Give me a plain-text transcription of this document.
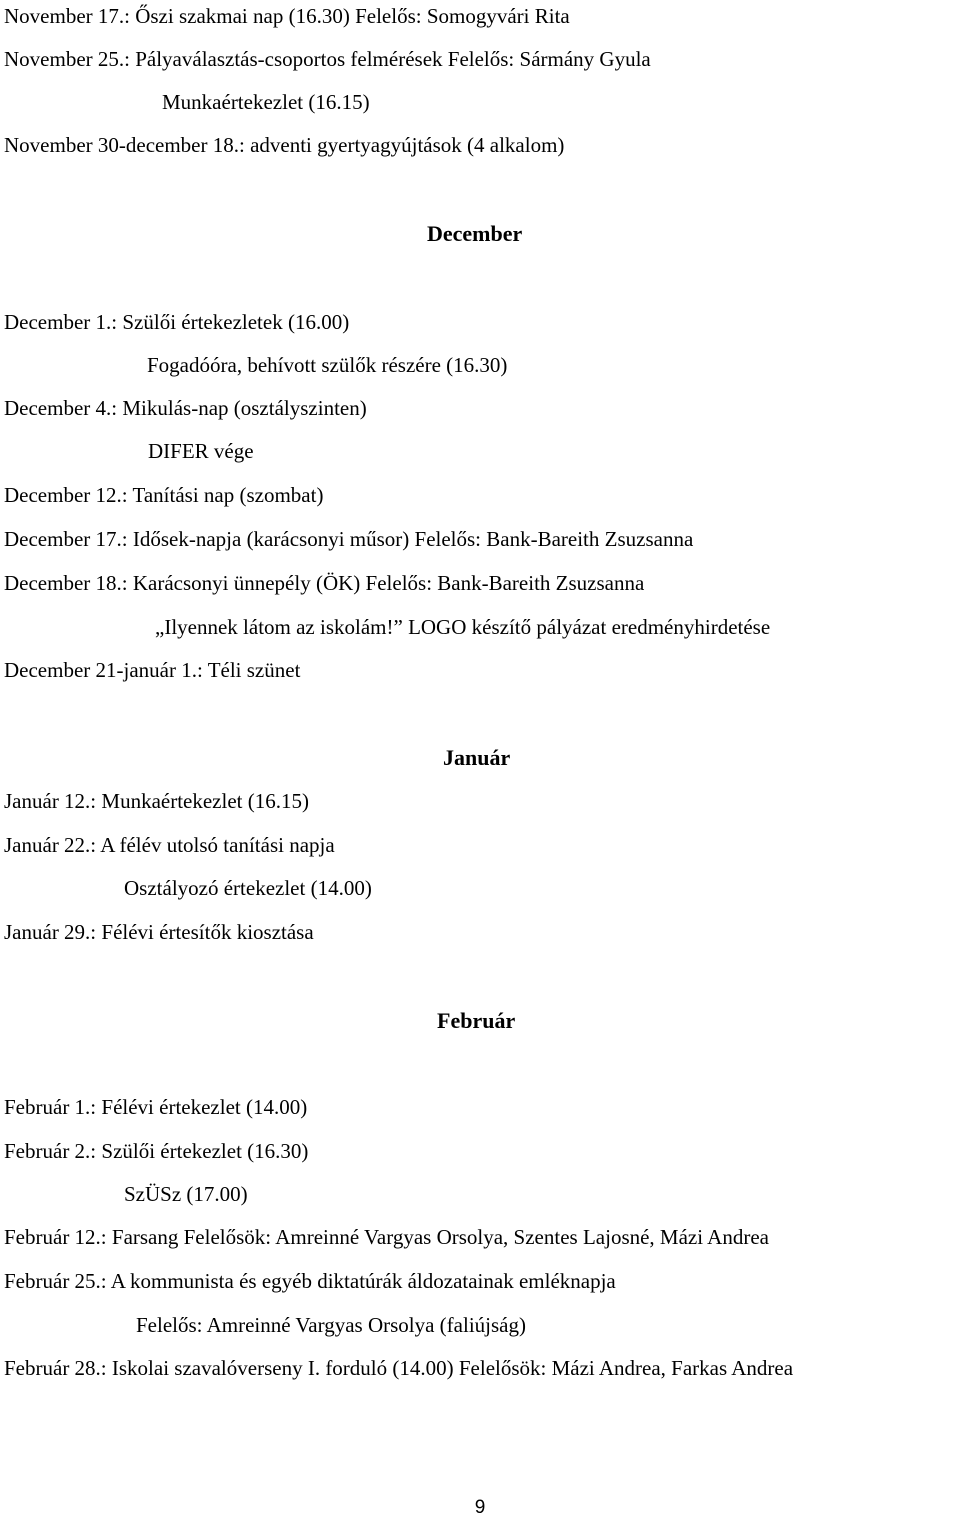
November 17.: Őszi szakmai nap (16.30) Felelős: Somogyvári Rita
November 25.: Pályaválasztás-csoportos felmérések Felelős: Sármány Gyula
Munkaértekezlet (16.15)
November 30-december 18.: adventi gyertyagyújtások (4 alkalom)
December
December 1.: Szülői értekezletek (16.00)
Fogadóóra, behívott szülők részére (16.30)
December 4.: Mikulás-nap (osztályszinten)
DIFER vége
December 12.: Tanítási nap (szombat)
December 17.: Idősek-napja (karácsonyi műsor) Felelős: Bank-Bareith Zsuzsanna
December 18.: Karácsonyi ünnepély (ÖK) Felelős: Bank-Bareith Zsuzsanna
„Ilyennek látom az iskolám!” LOGO készítő pályázat eredményhirdetése
December 21-január 1.: Téli szünet
Január
Január 12.: Munkaértekezlet (16.15)
Január 22.: A félév utolsó tanítási napja
Osztályozó értekezlet (14.00)
Január 29.: Félévi értesítők kiosztása
Február
Február 1.: Félévi értekezlet (14.00)
Február 2.: Szülői értekezlet (16.30)
SzÜSz (17.00)
Február 12.: Farsang Felelősök: Amreinné Vargyas Orsolya, Szentes Lajosné, Mázi Andrea
Február 25.: A kommunista és egyéb diktatúrák áldozatainak emléknapja
Felelős: Amreinné Vargyas Orsolya (faliújság)
Február 28.: Iskolai szavalóverseny I. forduló (14.00) Felelősök: Mázi Andrea, Farkas Andrea
9
